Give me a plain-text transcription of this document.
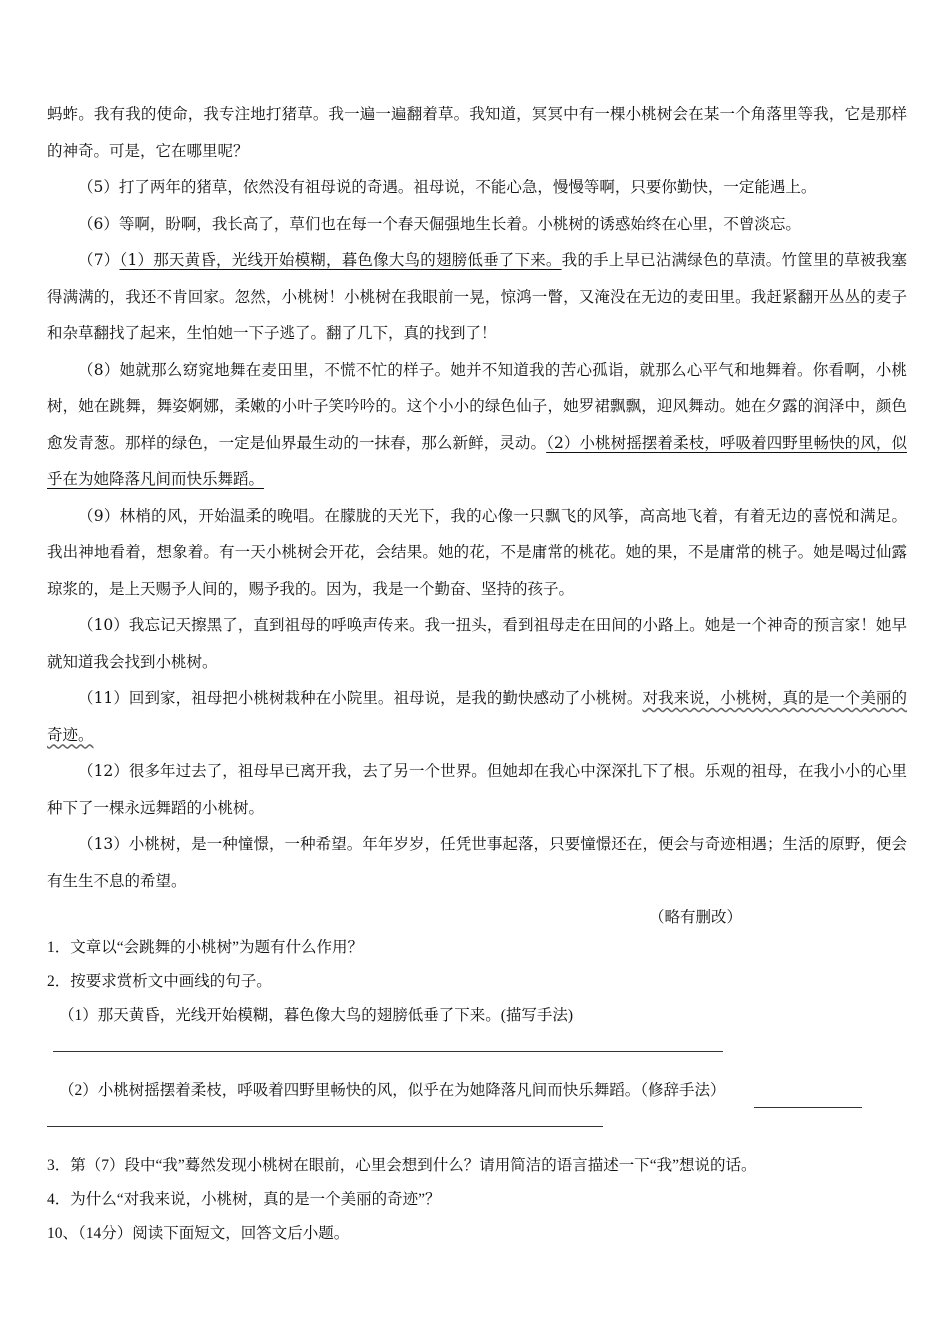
蚂蚱。我有我的使命，我专注地打猪草。我一遍一遍翻着草。我知道，冥冥中有一棵小桃树会在某一个角落里等我，它是那样的神奇。可是，它在哪里呢？

（5）打了两年的猪草，依然没有祖母说的奇遇。祖母说，不能心急，慢慢等啊，只要你勤快，一定能遇上。

（6）等啊，盼啊，我长高了，草们也在每一个春天倔强地生长着。小桃树的诱惑始终在心里，不曾淡忘。

（7）（1）那天黄昏，光线开始模糊，暮色像大鸟的翅膀低垂了下来。我的手上早已沾满绿色的草渍。竹筐里的草被我塞得满满的，我还不肯回家。忽然，小桃树！小桃树在我眼前一晃，惊鸿一瞥，又淹没在无边的麦田里。我赶紧翻开丛丛的麦子和杂草翻找了起来，生怕她一下子逃了。翻了几下，真的找到了！

（8）她就那么窈窕地舞在麦田里，不慌不忙的样子。她并不知道我的苦心孤诣，就那么心平气和地舞着。你看啊，小桃树，她在跳舞，舞姿婀娜，柔嫩的小叶子笑吟吟的。这个小小的绿色仙子，她罗裙飘飘，迎风舞动。她在夕露的润泽中，颜色愈发青葱。那样的绿色，一定是仙界最生动的一抹春，那么新鲜，灵动。（2）小桃树摇摆着柔枝，呼吸着四野里畅快的风，似乎在为她降落凡间而快乐舞蹈。

（9）林梢的风，开始温柔的晚唱。在朦胧的天光下，我的心像一只飘飞的风筝，高高地飞着，有着无边的喜悦和满足。我出神地看着，想象着。有一天小桃树会开花，会结果。她的花，不是庸常的桃花。她的果，不是庸常的桃子。她是喝过仙露琼浆的，是上天赐予人间的，赐予我的。因为，我是一个勤奋、坚持的孩子。

（10）我忘记天擦黑了，直到祖母的呼唤声传来。我一扭头，看到祖母走在田间的小路上。她是一个神奇的预言家！她早就知道我会找到小桃树。

（11）回到家，祖母把小桃树栽种在小院里。祖母说，是我的勤快感动了小桃树。对我来说，小桃树，真的是一个美丽的奇迹。

（12）很多年过去了，祖母早已离开我，去了另一个世界。但她却在我心中深深扎下了根。乐观的祖母，在我小小的心里种下了一棵永远舞蹈的小桃树。

（13）小桃树，是一种憧憬，一种希望。年年岁岁，任凭世事起落，只要憧憬还在，便会与奇迹相遇；生活的原野，便会有生生不息的希望。

（略有删改）

1．文章以“会跳舞的小桃树”为题有什么作用？

2．按要求赏析文中画线的句子。

（1）那天黄昏，光线开始模糊，暮色像大鸟的翅膀低垂了下来。(描写手法)

（2）小桃树摇摆着柔枝，呼吸着四野里畅快的风，似乎在为她降落凡间而快乐舞蹈。（修辞手法）

3．第（7）段中“我”蓦然发现小桃树在眼前，心里会想到什么？请用简洁的语言描述一下“我”想说的话。

4．为什么“对我来说，小桃树，真的是一个美丽的奇迹”？

10、（14分）阅读下面短文，回答文后小题。
